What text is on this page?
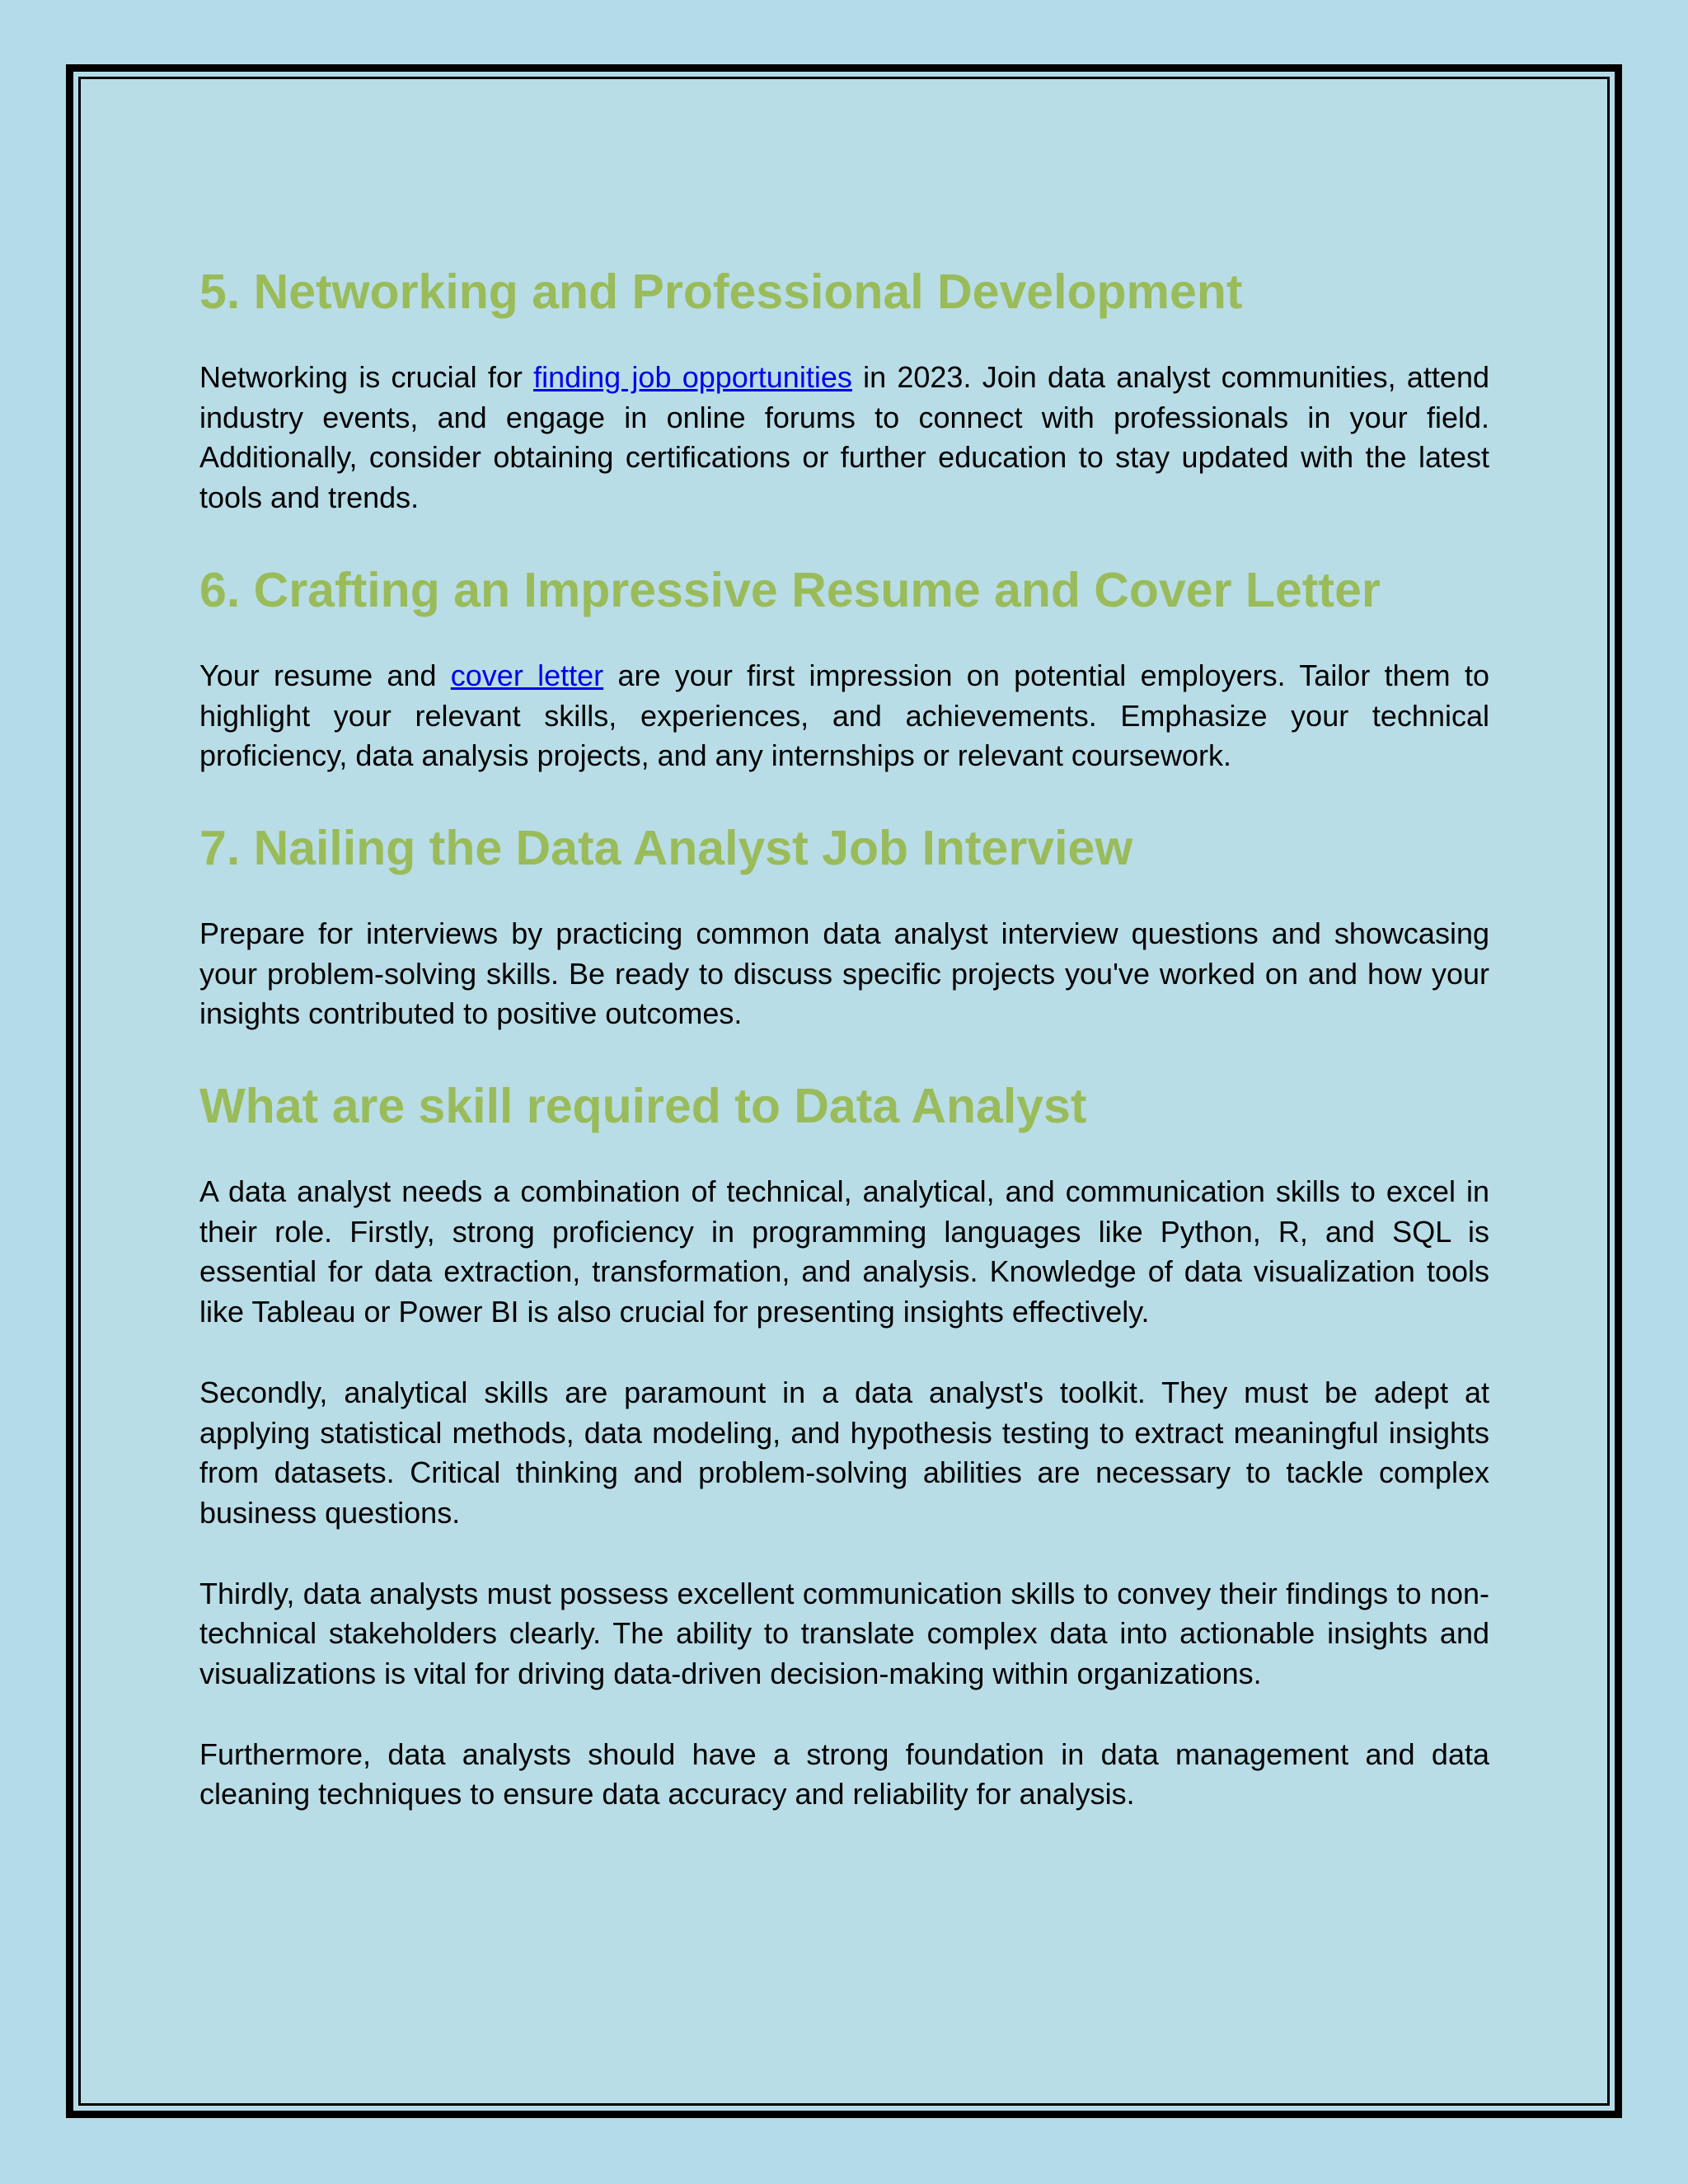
5. Networking and Professional Development

Networking is crucial for finding job opportunities in 2023. Join data analyst communities, attend industry events, and engage in online forums to connect with professionals in your field. Additionally, consider obtaining certifications or further education to stay updated with the latest tools and trends.

6. Crafting an Impressive Resume and Cover Letter

Your resume and cover letter are your first impression on potential employers. Tailor them to highlight your relevant skills, experiences, and achievements. Emphasize your technical proficiency, data analysis projects, and any internships or relevant coursework.

7. Nailing the Data Analyst Job Interview

Prepare for interviews by practicing common data analyst interview questions and showcasing your problem-solving skills. Be ready to discuss specific projects you've worked on and how your insights contributed to positive outcomes.

What are skill required to Data Analyst

A data analyst needs a combination of technical, analytical, and communication skills to excel in their role. Firstly, strong proficiency in programming languages like Python, R, and SQL is essential for data extraction, transformation, and analysis. Knowledge of data visualization tools like Tableau or Power BI is also crucial for presenting insights effectively.

Secondly, analytical skills are paramount in a data analyst's toolkit. They must be adept at applying statistical methods, data modeling, and hypothesis testing to extract meaningful insights from datasets. Critical thinking and problem-solving abilities are necessary to tackle complex business questions.

Thirdly, data analysts must possess excellent communication skills to convey their findings to non-technical stakeholders clearly. The ability to translate complex data into actionable insights and visualizations is vital for driving data-driven decision-making within organizations.

Furthermore, data analysts should have a strong foundation in data management and data cleaning techniques to ensure data accuracy and reliability for analysis.
